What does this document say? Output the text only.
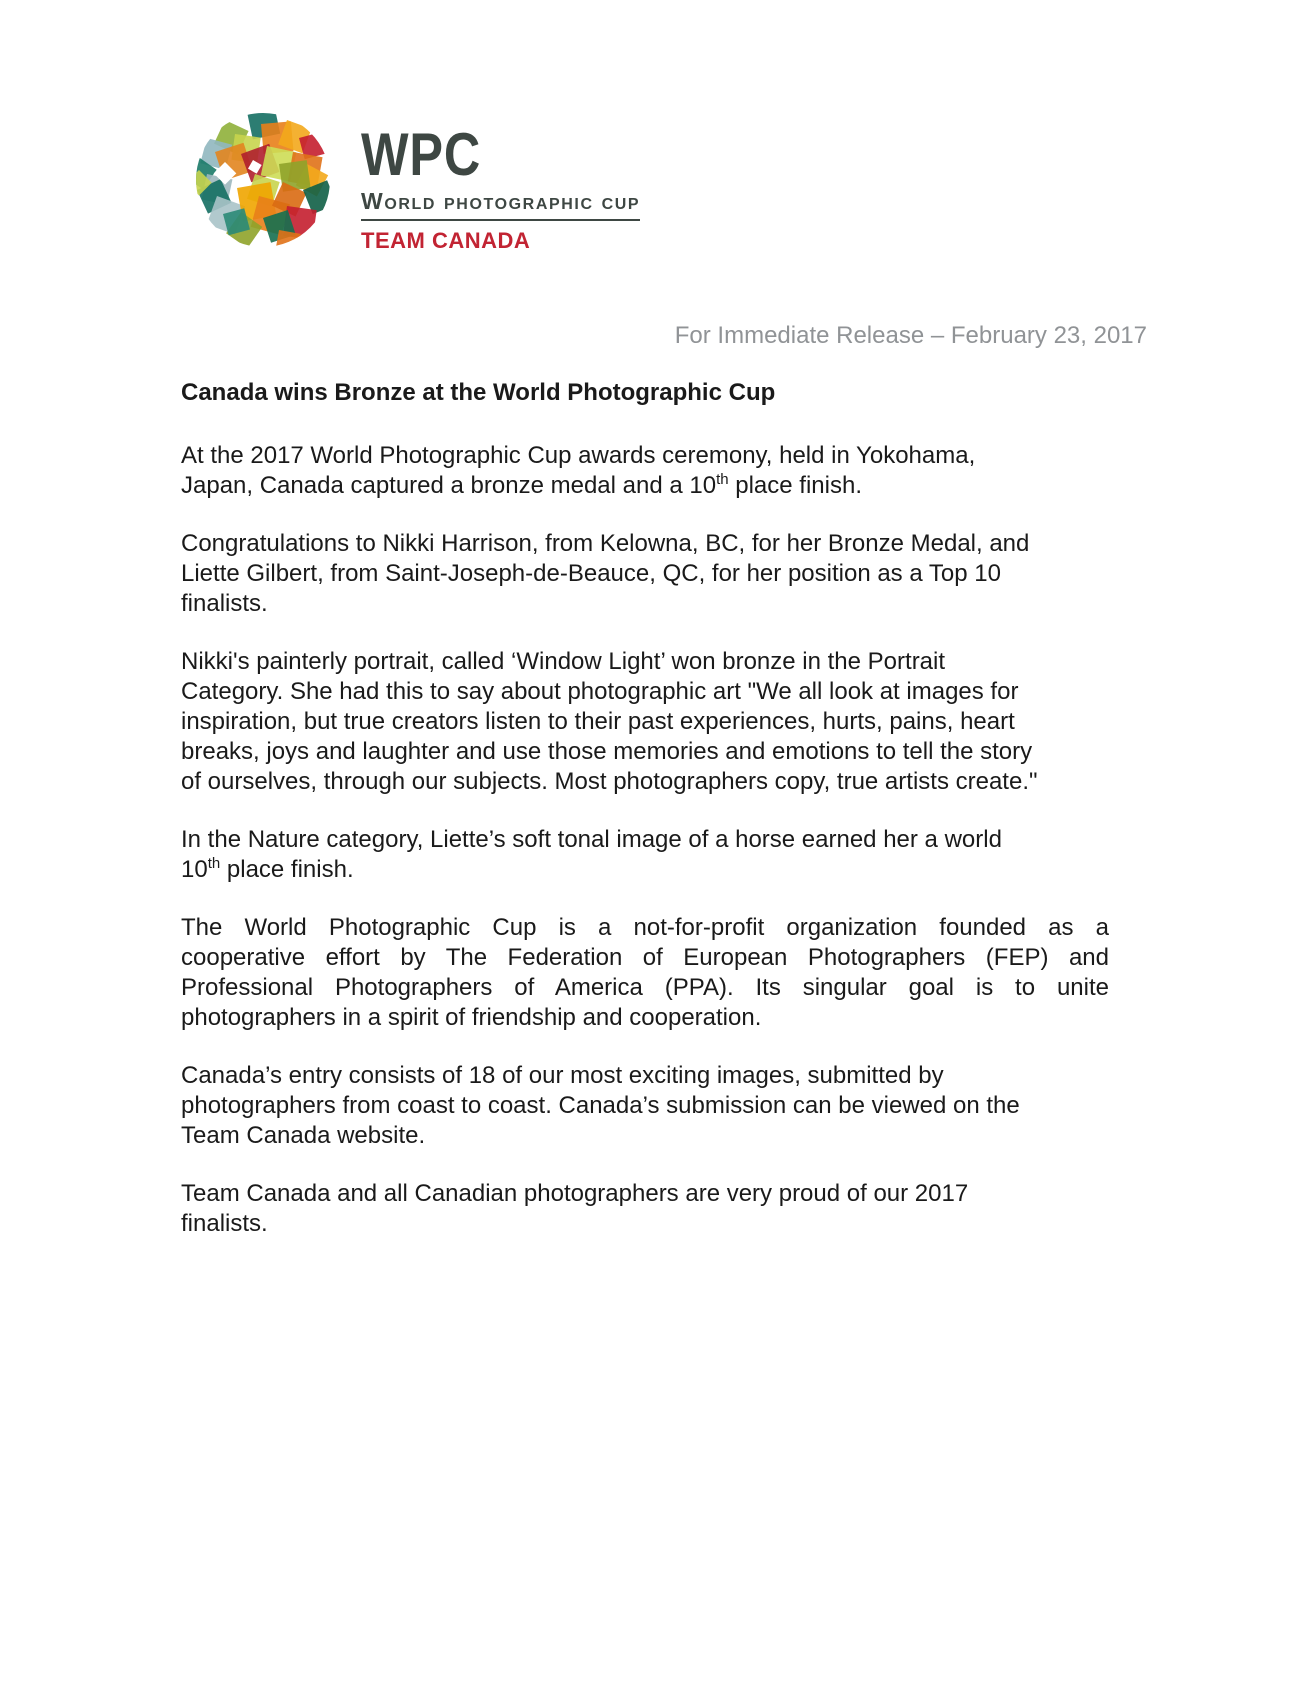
WPC
World photographic cup
TEAM CANADA
For Immediate Release – February 23, 2017
Canada wins Bronze at the World Photographic Cup

At the 2017 World Photographic Cup awards ceremony, held in Yokohama,
Japan, Canada captured a bronze medal and a 10th place finish.

Congratulations to Nikki Harrison, from Kelowna, BC, for her Bronze Medal, and
Liette Gilbert, from Saint-Joseph-de-Beauce, QC, for her position as a Top 10
finalists.

Nikki's painterly portrait, called ‘Window Light’ won bronze in the Portrait
Category. She had this to say about photographic art "We all look at images for
inspiration, but true creators listen to their past experiences, hurts, pains, heart
breaks, joys and laughter and use those memories and emotions to tell the story
of ourselves, through our subjects. Most photographers copy, true artists create."

In the Nature category, Liette’s soft tonal image of a horse earned her a world
10th place finish.

The World Photographic Cup is a not-for-profit organization founded as a
cooperative effort by The Federation of European Photographers (FEP) and
Professional Photographers of America (PPA). Its singular goal is to unite
photographers in a spirit of friendship and cooperation.

Canada’s entry consists of 18 of our most exciting images, submitted by
photographers from coast to coast. Canada’s submission can be viewed on the
Team Canada website.

Team Canada and all Canadian photographers are very proud of our 2017
finalists.
